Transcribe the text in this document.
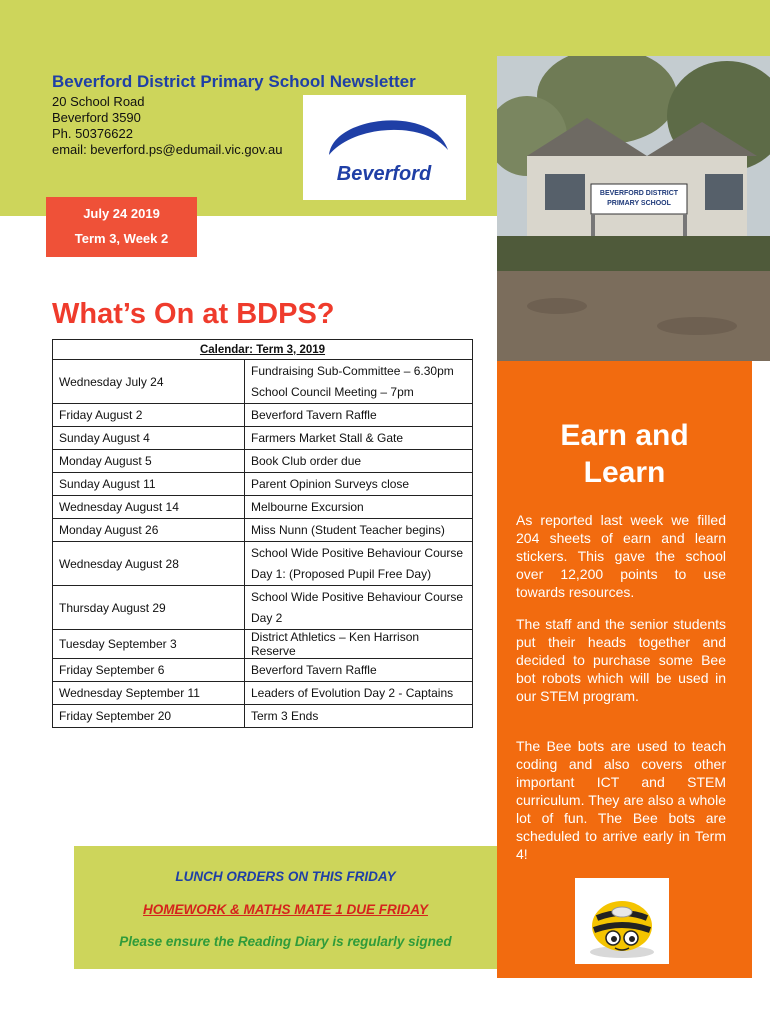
Beverford District Primary School Newsletter
20 School Road
Beverford 3590
Ph. 50376622
email: beverford.ps@edumail.vic.gov.au
Beverford
BEVERFORD DISTRICT
PRIMARY SCHOOL
July 24 2019
Term 3, Week 2
What’s On at BDPS?
Calendar: Term 3, 2019	
Wednesday July 24	Fundraising Sub-Committee – 6.30pm
School Council Meeting – 7pm

Friday August 2	Beverford Tavern Raffle

Sunday August 4	Farmers Market Stall & Gate

Monday August 5	Book Club order due

Sunday August 11	Parent Opinion Surveys close

Wednesday August 14	Melbourne Excursion

Monday August 26	Miss Nunn (Student Teacher begins)

Wednesday August 28	School Wide Positive Behaviour Course
Day 1: (Proposed Pupil Free Day)

Thursday August 29	School Wide Positive Behaviour Course
Day 2

Tuesday September 3	District Athletics – Ken Harrison Reserve

Friday September 6	Beverford Tavern Raffle

Wednesday September 11	Leaders of Evolution Day 2 - Captains

Friday September 20	Term 3 Ends
Earn and
Learn
As reported last week we filled 204 sheets of earn and learn stickers. This gave the school over 12,200 points to use towards resources.
The staff and the senior students put their heads together and decided to purchase some Bee bot robots which will be used in our STEM program.
The Bee bots are used to teach coding and also covers other important ICT and STEM curriculum. They are also a whole lot of fun. The Bee bots are scheduled to arrive early in Term 4!
LUNCH ORDERS ON THIS FRIDAY
HOMEWORK & MATHS MATE 1 DUE FRIDAY
Please ensure the Reading Diary is regularly signed
